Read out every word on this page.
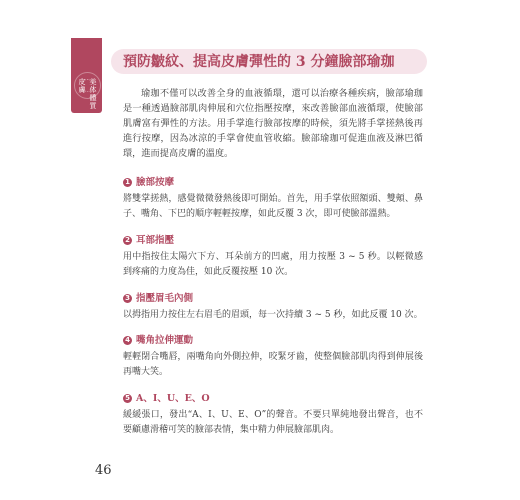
美体體質
皮膚
預防皺紋、提高皮膚彈性的 3 分鐘臉部瑜珈

瑜珈不僅可以改善全身的血液循環，還可以治療各種疾病，臉部瑜珈是一種透過臉部肌肉伸展和穴位指壓按摩，來改善臉部血液循環，使臉部肌膚富有彈性的方法。用手掌進行臉部按摩的時候，須先將手掌搓熱後再進行按摩，因為冰涼的手掌會使血管收縮。臉部瑜珈可促進血液及淋巴循環，進而提高皮膚的溫度。

1 臉部按摩

將雙掌搓熱，感覺微微發熱後即可開始。首先，用手掌依照額頭、雙頰、鼻子、嘴角、下巴的順序輕輕按摩，如此反覆 3 次，即可使臉部溫熱。

2 耳部指壓

用中指按住太陽穴下方、耳朵前方的凹處，用力按壓 3 ~ 5 秒。以輕微感到疼痛的力度為佳，如此反覆按壓 10 次。

3 指壓眉毛內側

以拇指用力按住左右眉毛的眉頭，每一次持續 3 ~ 5 秒，如此反覆 10 次。

4 嘴角拉伸運動

輕輕閉合嘴唇，兩嘴角向外側拉伸，咬緊牙齒，使整個臉部肌肉得到伸展後再嘴大笑。

5 A、I、U、E、O

緩緩張口，發出“A、I、U、E、O”的聲音。不要只單純地發出聲音，也不要顧慮滑稽可笑的臉部表情，集中精力伸展臉部肌肉。

46
